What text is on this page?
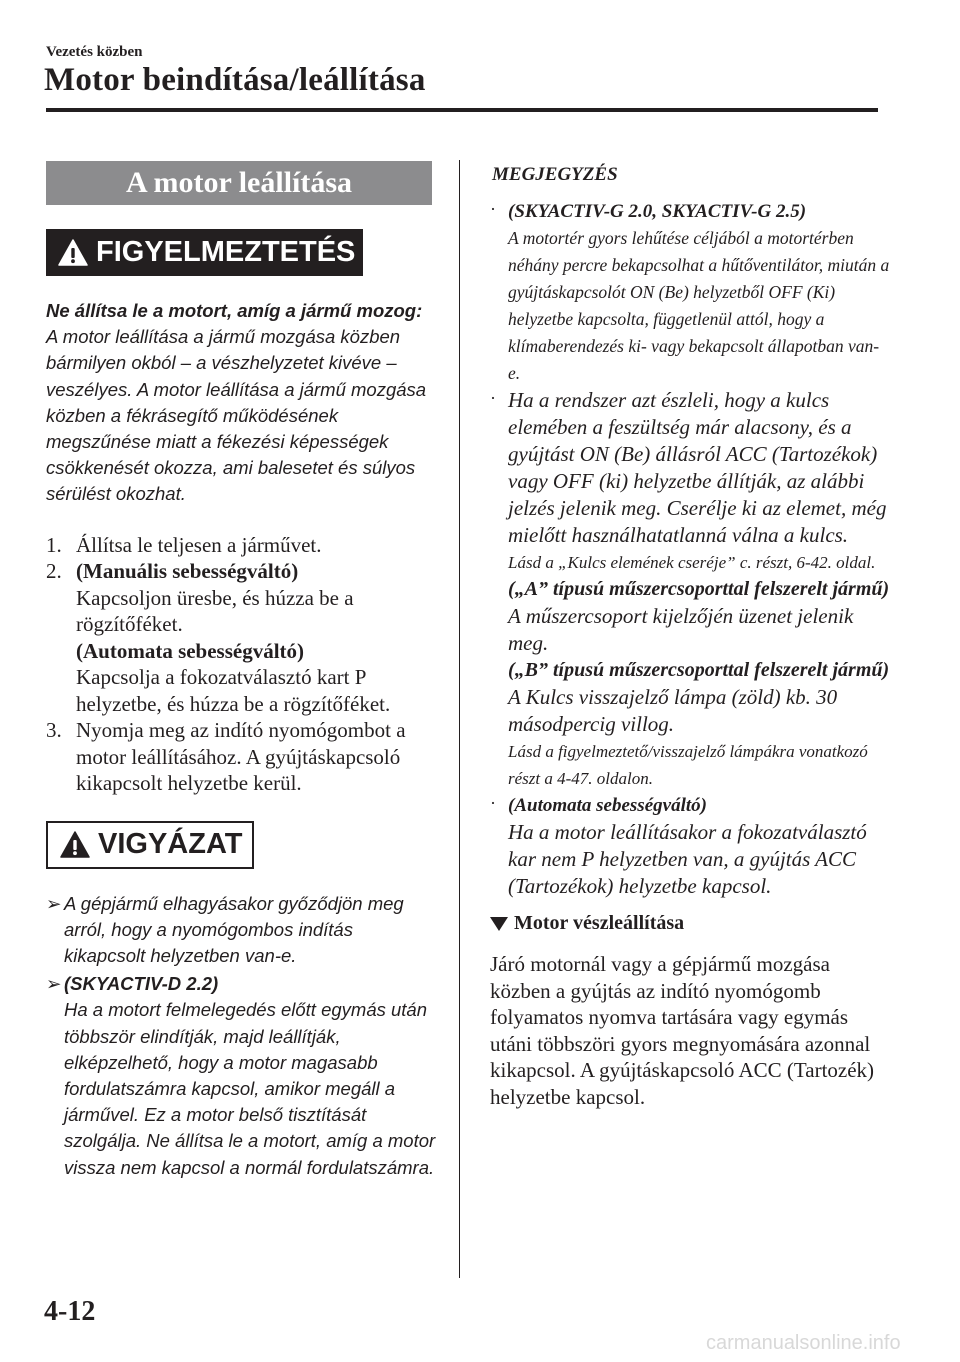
Vezetés közben
Motor beindítása/leállítása
A motor leállítása
FIGYELMEZTETÉS
Ne állítsa le a motort, amíg a jármű mozog:
A motor leállítása a jármű mozgása közben bármilyen okból – a vészhelyzetet kivéve – veszélyes. A motor leállítása a jármű mozgása közben a fékrásegítő működésének megszűnése miatt a fékezési képességek csökkenését okozza, ami balesetet és súlyos sérülést okozhat.
1. Állítsa le teljesen a járművet.
2. (Manuális sebességváltó)
Kapcsoljon üresbe, és húzza be a rögzítőféket.
(Automata sebességváltó)
Kapcsolja a fokozatválasztó kart P helyzetbe, és húzza be a rögzítőféket.
3. Nyomja meg az indító nyomógombot a motor leállításához. A gyújtáskapcsoló kikapcsolt helyzetbe kerül.
VIGYÁZAT
➢ A gépjármű elhagyásakor győződjön meg arról, hogy a nyomógombos indítás kikapcsolt helyzetben van-e.
➢ (SKYACTIV-D 2.2)
Ha a motort felmelegedés előtt egymás után többször elindítják, majd leállítják, elképzelhető, hogy a motor magasabb fordulatszámra kapcsol, amikor megáll a járművel. Ez a motor belső tisztítását szolgálja. Ne állítsa le a motort, amíg a motor vissza nem kapcsol a normál fordulatszámra.
MEGJEGYZÉS
· (SKYACTIV-G 2.0, SKYACTIV-G 2.5)
A motortér gyors lehűtése céljából a motortérben néhány percre bekapcsolhat a hűtőventilátor, miután a gyújtáskapcsolót ON (Be) helyzetből OFF (Ki) helyzetbe kapcsolta, függetlenül attól, hogy a klímaberendezés ki- vagy bekapcsolt állapotban van-e.
· Ha a rendszer azt észleli, hogy a kulcs elemében a feszültség már alacsony, és a gyújtást ON (Be) állásról ACC (Tartozékok) vagy OFF (ki) helyzetbe állítják, az alábbi jelzés jelenik meg. Cserélje ki az elemet, még mielőtt használhatatlanná válna a kulcs.
Lásd a „Kulcs elemének cseréje” c. részt, 6-42. oldal.
(„A” típusú műszercsoporttal felszerelt jármű)
A műszercsoport kijelzőjén üzenet jelenik meg.
(„B” típusú műszercsoporttal felszerelt jármű)
A Kulcs visszajelző lámpa (zöld) kb. 30 másodpercig villog.
Lásd a figyelmeztető/visszajelző lámpákra vonatkozó részt a 4-47. oldalon.
· (Automata sebességváltó)
Ha a motor leállításakor a fokozatválasztó kar nem P helyzetben van, a gyújtás ACC (Tartozékok) helyzetbe kapcsol.
Motor vészleállítása
Járó motornál vagy a gépjármű mozgása közben a gyújtás az indító nyomógomb folyamatos nyomva tartására vagy egymás utáni többszöri gyors megnyomására azonnal kikapcsol. A gyújtáskapcsoló ACC (Tartozék) helyzetbe kapcsol.
4-12
carmanualsonline.info
